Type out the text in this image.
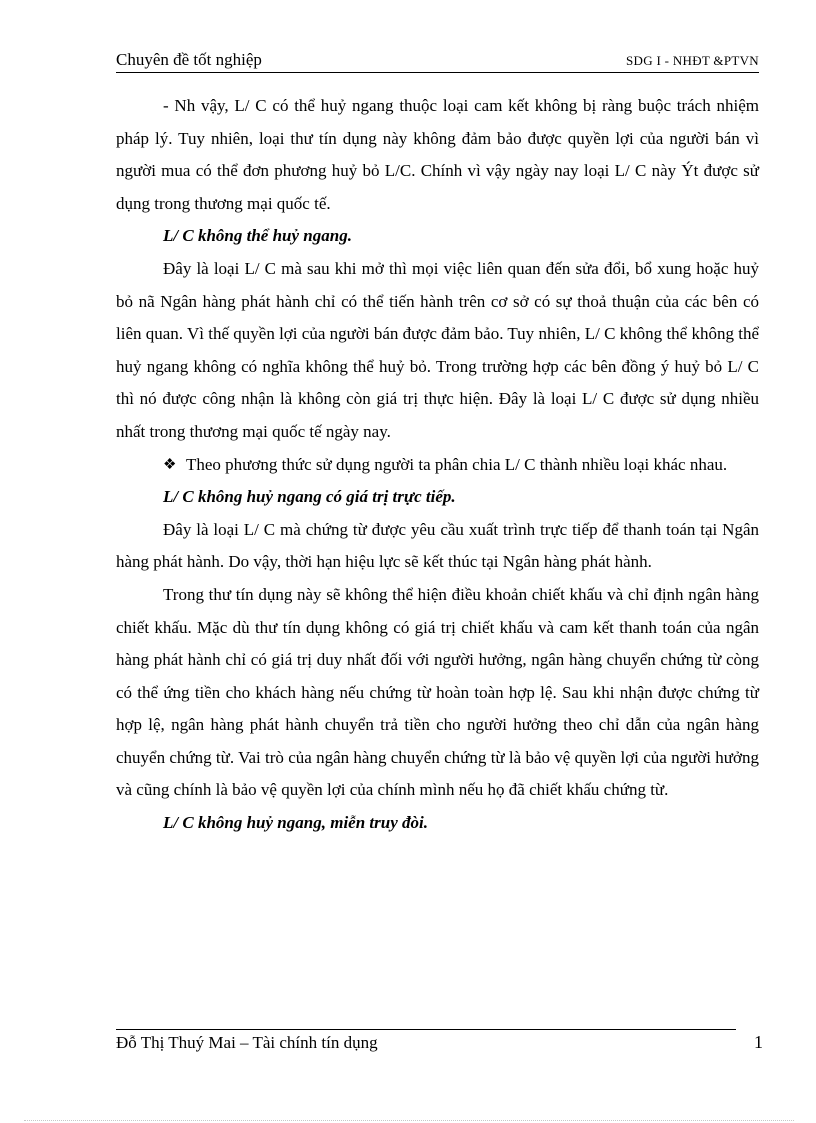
Chuyên đề tốt nghiệp	SDG I - NHĐT &PTVN

- Nh vậy, L/ C có thể huỷ ngang thuộc loại cam kết không bị ràng buộc trách nhiệm pháp lý. Tuy nhiên, loại thư tín dụng này không đảm bảo được quyền lợi của người bán vì người mua có thể đơn phương huỷ bỏ L/C. Chính vì vậy ngày nay loại L/ C này Ýt được sử dụng trong thương mại quốc tế.

L/ C không thể huỷ ngang.

Đây là loại L/ C mà sau khi mở thì mọi việc liên quan đến sửa đổi, bổ xung hoặc huỷ bỏ nã Ngân hàng phát hành chỉ có thể tiến hành trên cơ sở có sự thoả thuận của các bên có liên quan. Vì thế quyền lợi của người bán được đảm bảo. Tuy nhiên, L/ C không thể không thể huỷ ngang không có nghĩa không thể huỷ bỏ. Trong trường hợp các bên đồng ý huỷ bỏ L/ C thì nó được công nhận là không còn giá trị thực hiện. Đây là loại L/ C được sử dụng nhiều nhất trong thương mại quốc tế ngày nay.

❖ Theo phương thức sử dụng người ta phân chia L/ C thành nhiều loại khác nhau.

L/ C không huỷ ngang có giá trị trực tiếp.

Đây là loại L/ C mà chứng từ được yêu cầu xuất trình trực tiếp để thanh toán tại Ngân hàng phát hành. Do vậy, thời hạn hiệu lực sẽ kết thúc tại Ngân hàng phát hành.

Trong thư tín dụng này sẽ không thể hiện điều khoản chiết khấu và chỉ định ngân hàng chiết khấu. Mặc dù thư tín dụng không có giá trị chiết khấu và cam kết thanh toán của ngân hàng phát hành chỉ có giá trị duy nhất đối với người hưởng, ngân hàng chuyển chứng từ còng có thể ứng tiền cho khách hàng nếu chứng từ hoàn toàn hợp lệ. Sau khi nhận được chứng từ hợp lệ, ngân hàng phát hành chuyển trả tiền cho người hưởng theo chỉ dẫn của ngân hàng chuyển chứng từ. Vai trò của ngân hàng chuyển chứng từ là bảo vệ quyền lợi của người hưởng và cũng chính là bảo vệ quyền lợi của chính mình nếu họ đã chiết khấu chứng từ.

L/ C không huỷ ngang, miễn truy đòi.

Đỗ Thị Thuý Mai – Tài chính tín dụng	1
